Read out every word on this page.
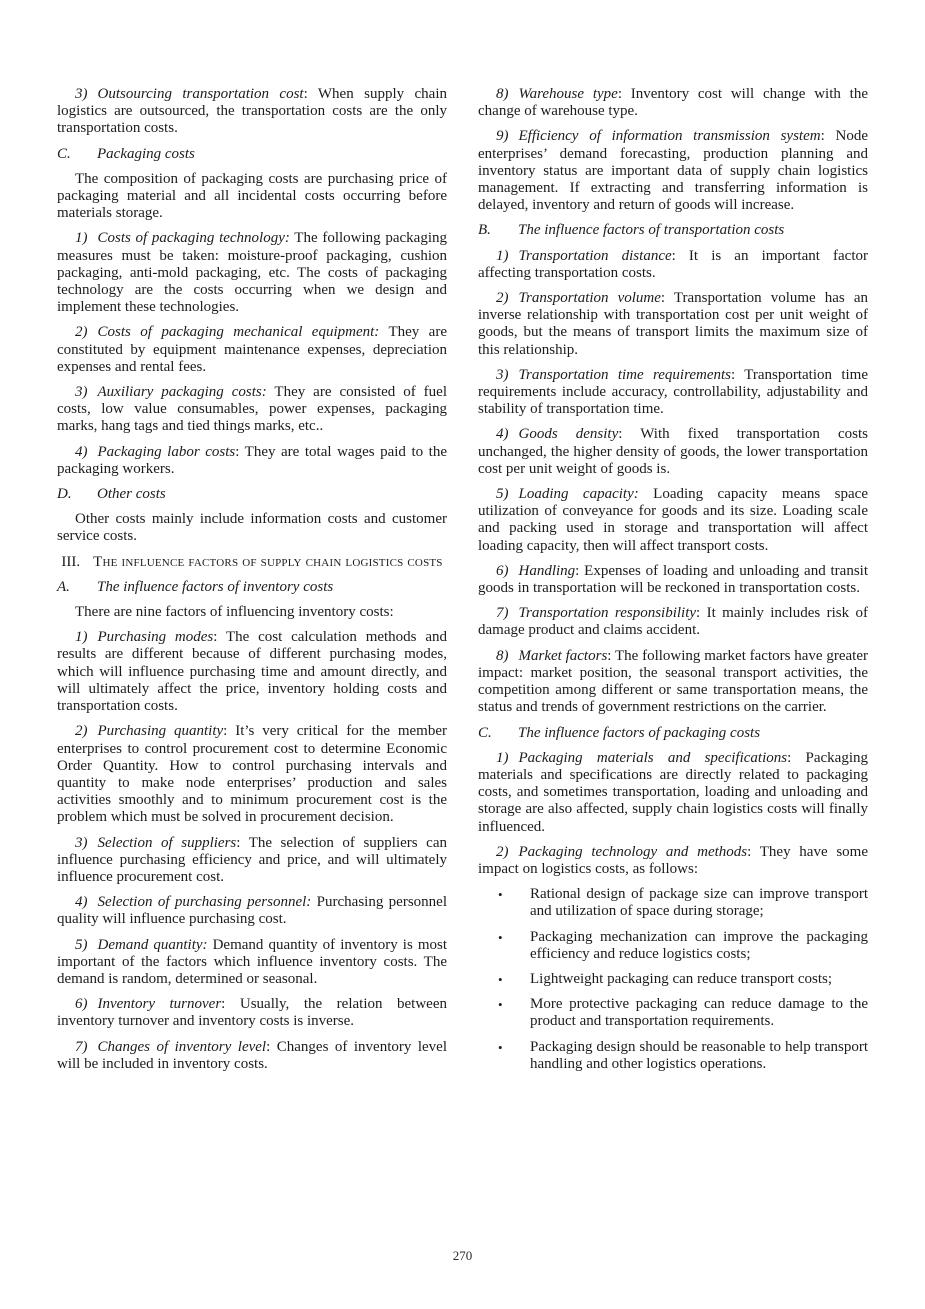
3) Outsourcing transportation cost: When supply chain logistics are outsourced, the transportation costs are the only transportation costs.

C. Packaging costs

The composition of packaging costs are purchasing price of packaging material and all incidental costs occurring before materials storage.

1) Costs of packaging technology: The following packaging measures must be taken: moisture-proof packaging, cushion packaging, anti-mold packaging, etc. The costs of packaging technology are the costs occurring when we design and implement these technologies.

2) Costs of packaging mechanical equipment: They are constituted by equipment maintenance expenses, depreciation expenses and rental fees.

3) Auxiliary packaging costs: They are consisted of fuel costs, low value consumables, power expenses, packaging marks, hang tags and tied things marks, etc..

4) Packaging labor costs: They are total wages paid to the packaging workers.

D. Other costs

Other costs mainly include information costs and customer service costs.

III. The influence factors of supply chain logistics costs

A. The influence factors of inventory costs

There are nine factors of influencing inventory costs:

1) Purchasing modes: The cost calculation methods and results are different because of different purchasing modes, which will influence purchasing time and amount directly, and will ultimately affect the price, inventory holding costs and transportation costs.

2) Purchasing quantity: It’s very critical for the member enterprises to control procurement cost to determine Economic Order Quantity. How to control purchasing intervals and quantity to make node enterprises’ production and sales activities smoothly and to minimum procurement cost is the problem which must be solved in procurement decision.

3) Selection of suppliers: The selection of suppliers can influence purchasing efficiency and price, and will ultimately influence procurement cost.

4) Selection of purchasing personnel: Purchasing personnel quality will influence purchasing cost.

5) Demand quantity: Demand quantity of inventory is most important of the factors which influence inventory costs. The demand is random, determined or seasonal.

6) Inventory turnover: Usually, the relation between inventory turnover and inventory costs is inverse.

7) Changes of inventory level: Changes of inventory level will be included in inventory costs.

8) Warehouse type: Inventory cost will change with the change of warehouse type.

9) Efficiency of information transmission system: Node enterprises’ demand forecasting, production planning and inventory status are important data of supply chain logistics management. If extracting and transferring information is delayed, inventory and return of goods will increase.

B. The influence factors of transportation costs

1) Transportation distance: It is an important factor affecting transportation costs.

2) Transportation volume: Transportation volume has an inverse relationship with transportation cost per unit weight of goods, but the means of transport limits the maximum size of this relationship.

3) Transportation time requirements: Transportation time requirements include accuracy, controllability, adjustability and stability of transportation time.

4) Goods density: With fixed transportation costs unchanged, the higher density of goods, the lower transportation cost per unit weight of goods is.

5) Loading capacity: Loading capacity means space utilization of conveyance for goods and its size. Loading scale and packing used in storage and transportation will affect loading capacity, then will affect transport costs.

6) Handling: Expenses of loading and unloading and transit goods in transportation will be reckoned in transportation costs.

7) Transportation responsibility: It mainly includes risk of damage product and claims accident.

8) Market factors: The following market factors have greater impact: market position, the seasonal transport activities, the competition among different or same transportation means, the status and trends of government restrictions on the carrier.

C. The influence factors of packaging costs

1) Packaging materials and specifications: Packaging materials and specifications are directly related to packaging costs, and sometimes transportation, loading and unloading and storage are also affected, supply chain logistics costs will finally influenced.

2) Packaging technology and methods: They have some impact on logistics costs, as follows:

•	Rational design of package size can improve transport and utilization of space during storage;
•	Packaging mechanization can improve the packaging efficiency and reduce logistics costs;
•	Lightweight packaging can reduce transport costs;
•	More protective packaging can reduce damage to the product and transportation requirements.
•	Packaging design should be reasonable to help transport handling and other logistics operations.
270
